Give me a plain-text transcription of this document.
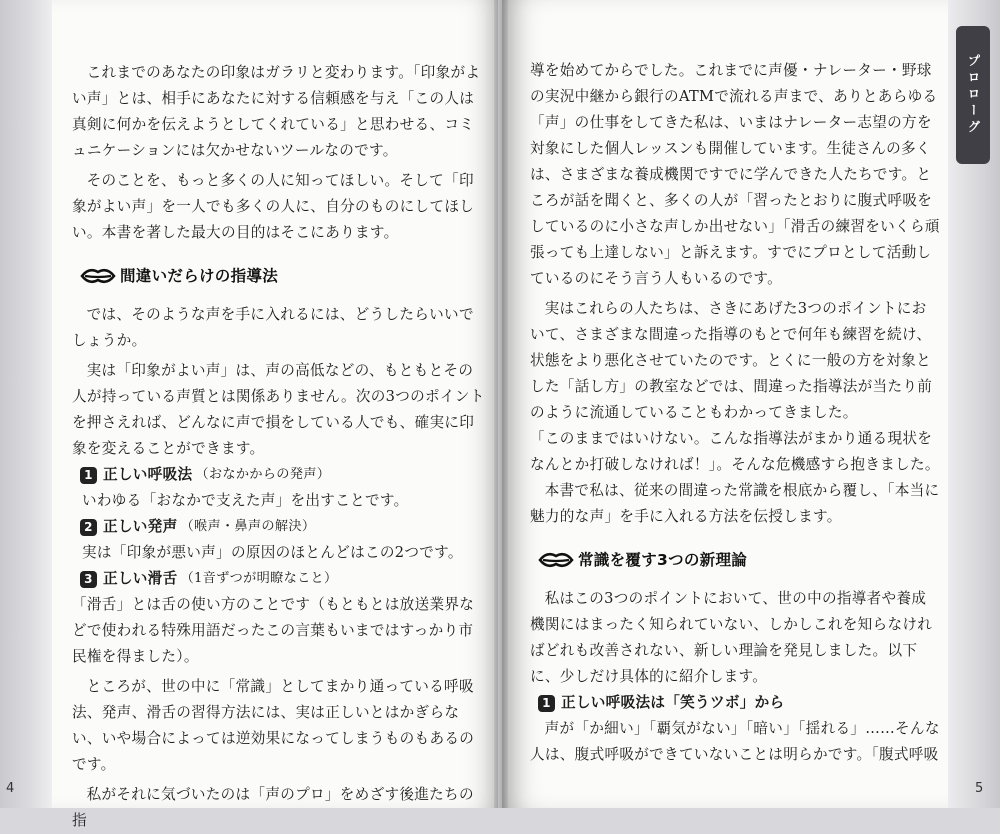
これまでのあなたの印象はガラリと変わります。「印象がよい声」とは、相手にあなたに対する信頼感を与え「この人は真剣に何かを伝えようとしてくれている」と思わせる、コミュニケーションには欠かせないツールなのです。

そのことを、もっと多くの人に知ってほしい。そして「印象がよい声」を一人でも多くの人に、自分のものにしてほしい。本書を著した最大の目的はそこにあります。

間違いだらけの指導法

では、そのような声を手に入れるには、どうしたらいいでしょうか。

実は「印象がよい声」は、声の高低などの、もともとその人が持っている声質とは関係ありません。次の3つのポイントを押さえれば、どんなに声で損をしている人でも、確実に印象を変えることができます。

1 正しい呼吸法 （おなかからの発声）

いわゆる「おなかで支えた声」を出すことです。

2 正しい発声 （喉声・鼻声の解決）

実は「印象が悪い声」の原因のほとんどはこの2つです。

3 正しい滑舌 （1音ずつが明瞭なこと）

「滑舌」とは舌の使い方のことです（もともとは放送業界などで使われる特殊用語だったこの言葉もいまではすっかり市民権を得ました）。

ところが、世の中に「常識」としてまかり通っている呼吸法、発声、滑舌の習得方法には、実は正しいとはかぎらない、いや場合によっては逆効果になってしまうものもあるのです。

私がそれに気づいたのは「声のプロ」をめざす後進たちの指

導を始めてからでした。これまでに声優・ナレーター・野球の実況中継から銀行のATMで流れる声まで、ありとあらゆる「声」の仕事をしてきた私は、いまはナレーター志望の方を対象にした個人レッスンも開催しています。生徒さんの多くは、さまざまな養成機関ですでに学んできた人たちです。ところが話を聞くと、多くの人が「習ったとおりに腹式呼吸をしているのに小さな声しか出せない」「滑舌の練習をいくら頑張っても上達しない」と訴えます。すでにプロとして活動しているのにそう言う人もいるのです。

実はこれらの人たちは、さきにあげた3つのポイントにおいて、さまざまな間違った指導のもとで何年も練習を続け、状態をより悪化させていたのです。とくに一般の方を対象とした「話し方」の教室などでは、間違った指導法が当たり前のように流通していることもわかってきました。

「このままではいけない。こんな指導法がまかり通る現状をなんとか打破しなければ！」。そんな危機感すら抱きました。

本書で私は、従来の間違った常識を根底から覆し、「本当に魅力的な声」を手に入れる方法を伝授します。

常識を覆す3つの新理論

私はこの3つのポイントにおいて、世の中の指導者や養成機関にはまったく知られていない、しかしこれを知らなければどれも改善されない、新しい理論を発見しました。以下に、少しだけ具体的に紹介します。

1 正しい呼吸法は「笑うツボ」から

声が「か細い」「覇気がない」「暗い」「揺れる」……そんな人は、腹式呼吸ができていないことは明らかです。「腹式呼吸

プロローグ
4	5
